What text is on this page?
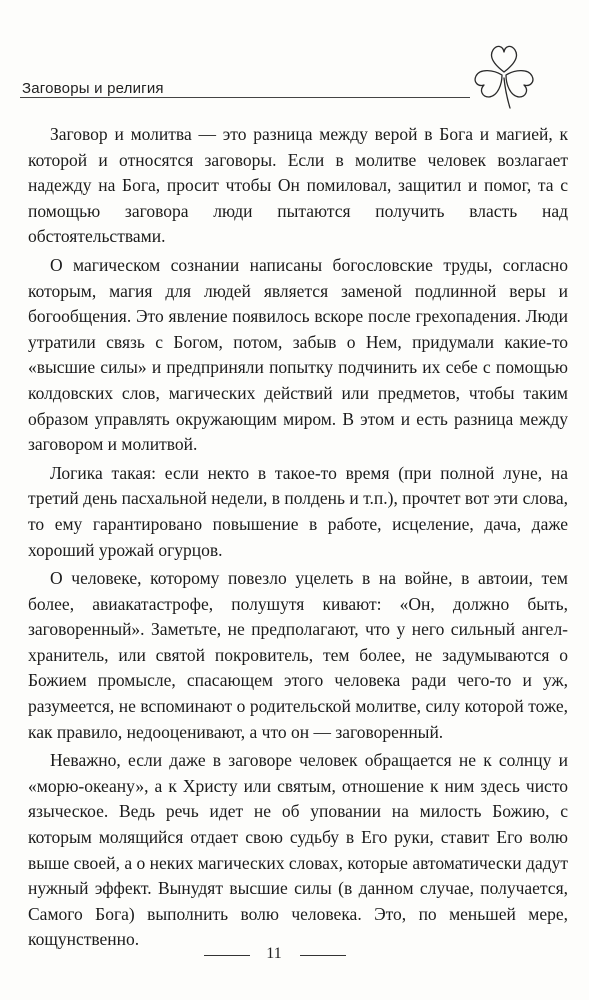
Заговоры и религия

Заговор и молитва — это разница между верой в Бога и магией, к которой и относятся заговоры. Если в молитве человек возлагает надежду на Бога, просит чтобы Он помиловал, защитил и помог, та с помощью заговора люди пытаются получить власть над обстоятельствами.

О магическом сознании написаны богословские труды, согласно которым, магия для людей является заменой подлинной веры и богообщения. Это явление появилось вскоре после грехопадения. Люди утратили связь с Богом, потом, забыв о Нем, придумали какие-то «высшие силы» и предприняли попытку подчинить их себе с помощью колдовских слов, магических действий или предметов, чтобы таким образом управлять окружающим миром. В этом и есть разница между заговором и молитвой.

Логика такая: если некто в такое-то время (при полной луне, на третий день пасхальной недели, в полдень и т.п.), прочтет вот эти слова, то ему гарантировано повышение в работе, исцеление, дача, даже хороший урожай огурцов.

О человеке, которому повезло уцелеть в на войне, в автоии, тем более, авиакатастрофе, полушутя кивают: «Он, должно быть, заговоренный». Заметьте, не предполагают, что у него сильный ангел-хранитель, или святой покровитель, тем более, не задумываются о Божием промысле, спасающем этого человека ради чего-то и уж, разумеется, не вспоминают о родительской молитве, силу которой тоже, как правило, недооценивают, а что он — заговоренный.

Неважно, если даже в заговоре человек обращается не к солнцу и «морю-океану», а к Христу или святым, отношение к ним здесь чисто языческое. Ведь речь идет не об уповании на милость Божию, с которым молящийся отдает свою судьбу в Его руки, ставит Его волю выше своей, а о неких магических словах, которые автоматически дадут нужный эффект. Вынудят высшие силы (в данном случае, получается, Самого Бога) выполнить волю человека. Это, по меньшей мере, кощунственно.

11
